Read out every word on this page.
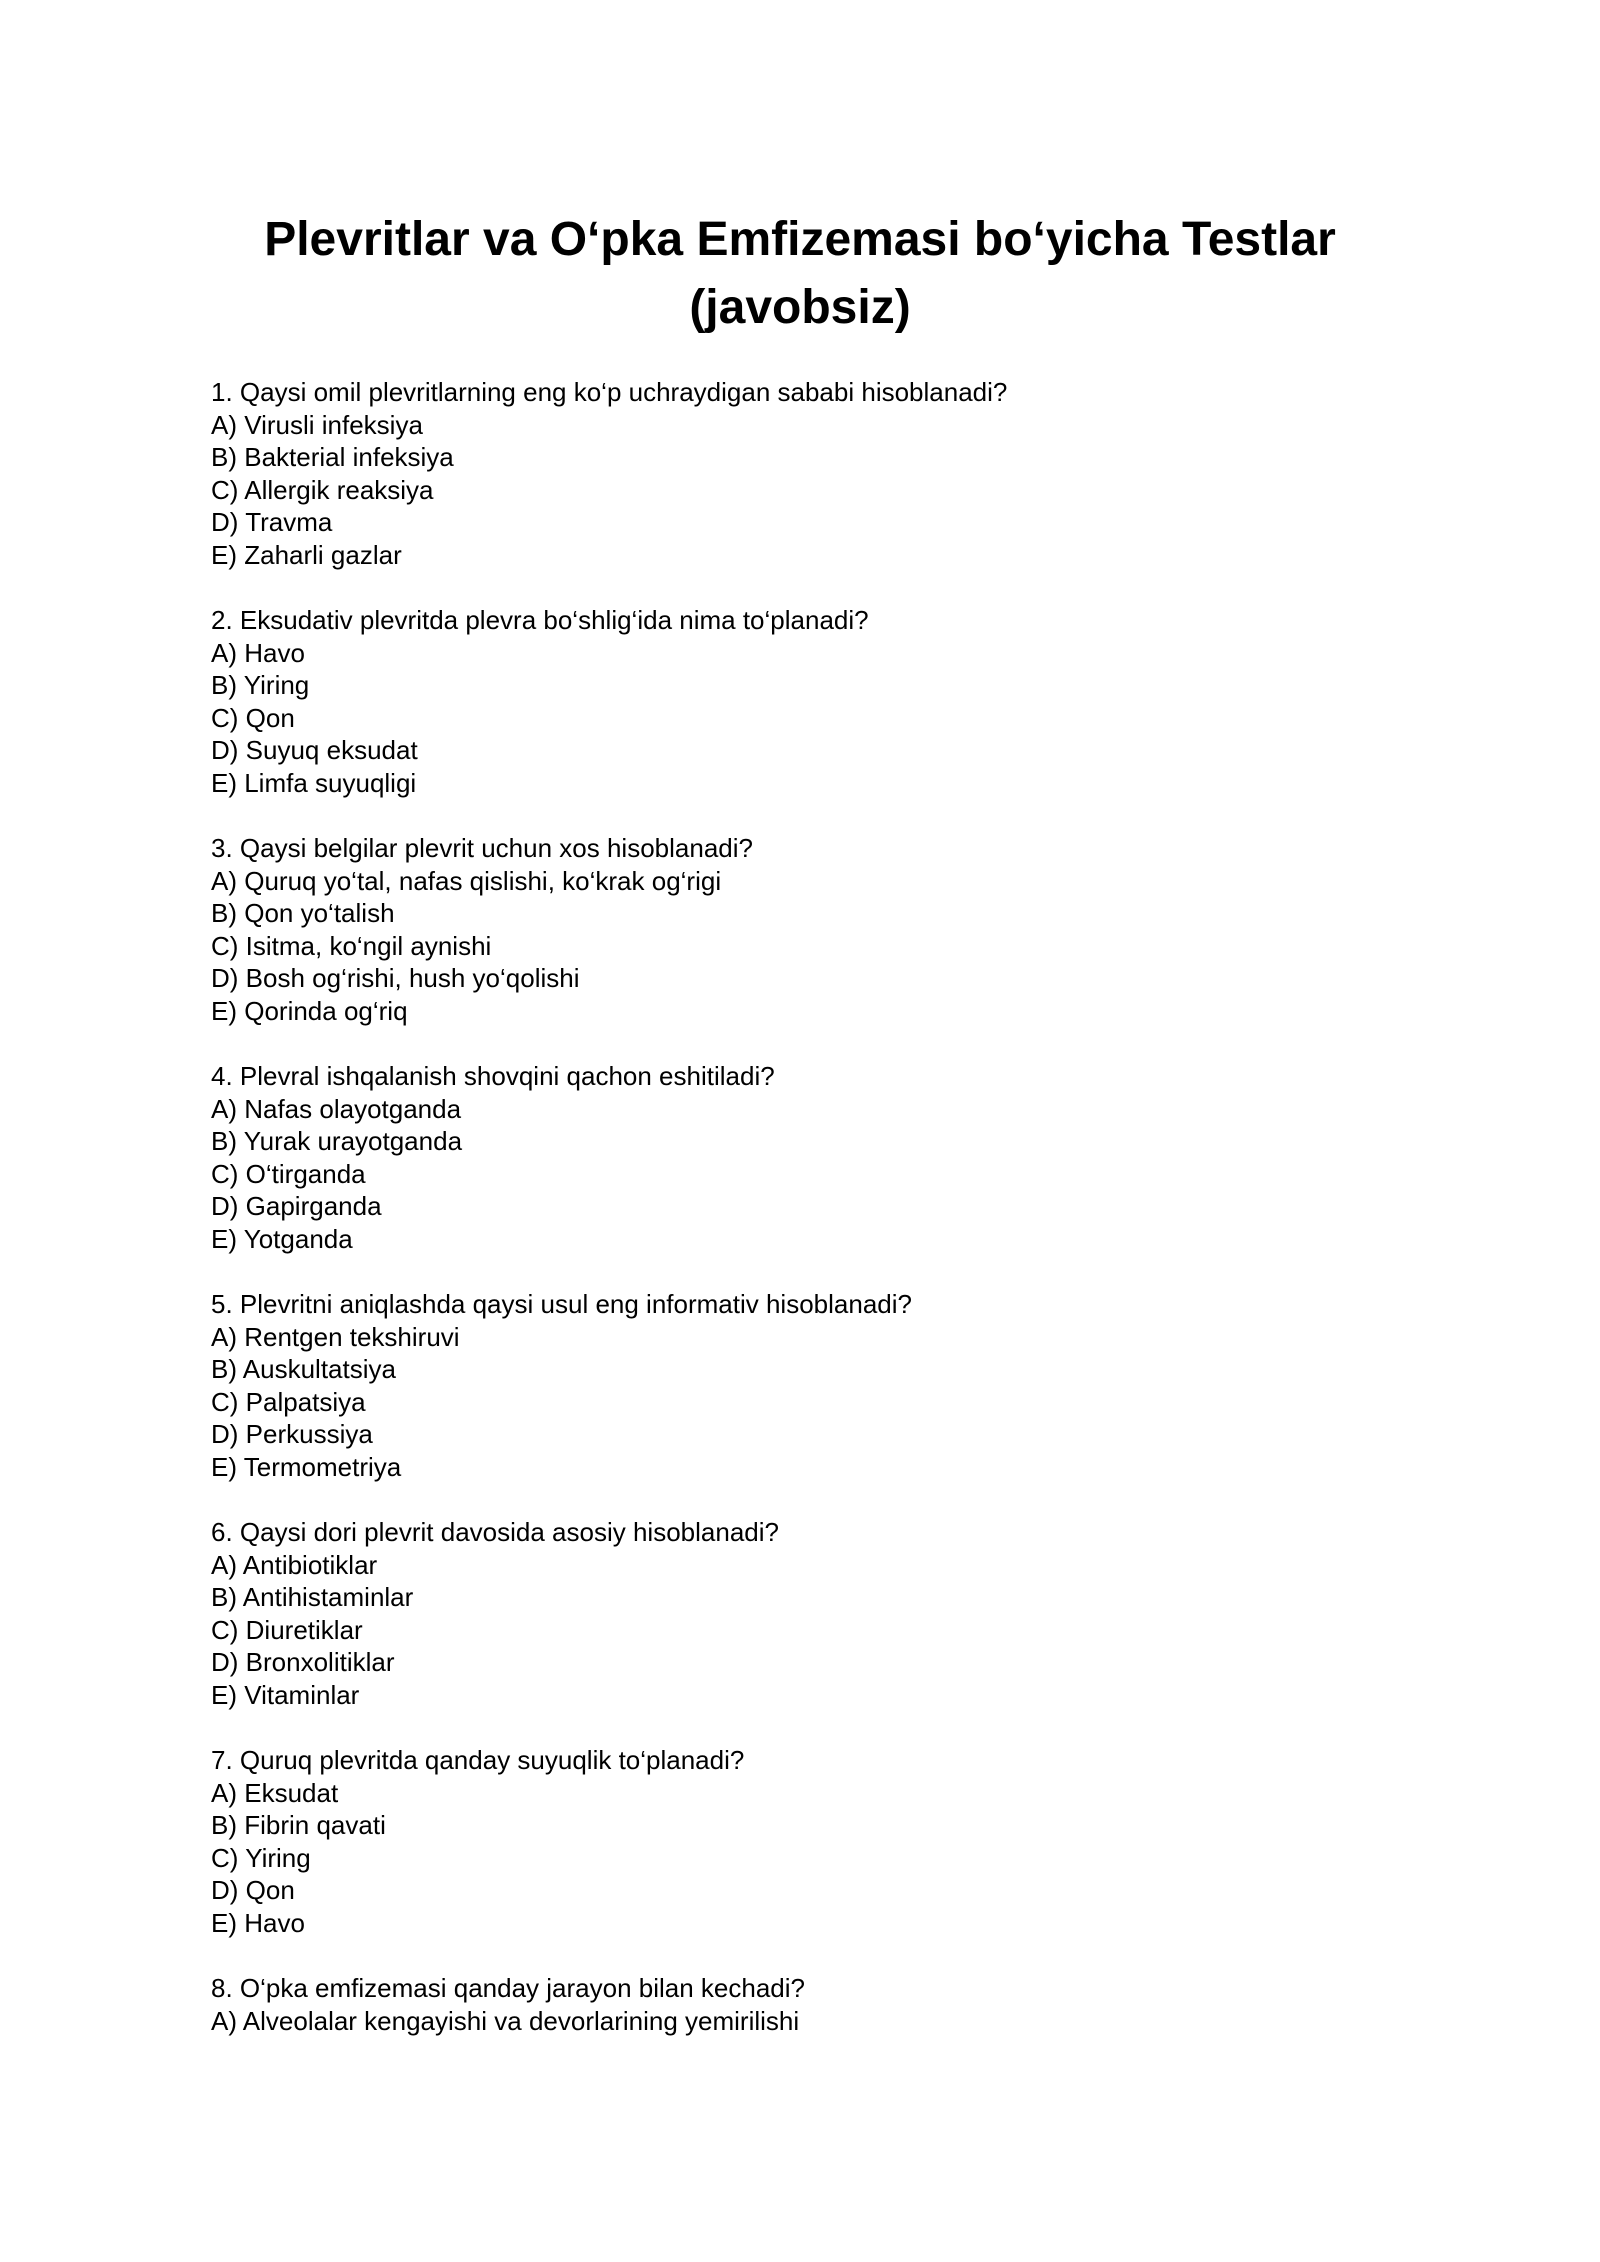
Plevritlar va O‘pka Emfizemasi bo‘yicha Testlar
(javobsiz)
1. Qaysi omil plevritlarning eng ko‘p uchraydigan sababi hisoblanadi?
A) Virusli infeksiya
B) Bakterial infeksiya
C) Allergik reaksiya
D) Travma
E) Zaharli gazlar
2. Eksudativ plevritda plevra bo‘shlig‘ida nima to‘planadi?
A) Havo
B) Yiring
C) Qon
D) Suyuq eksudat
E) Limfa suyuqligi
3. Qaysi belgilar plevrit uchun xos hisoblanadi?
A) Quruq yo‘tal, nafas qislishi, ko‘krak og‘rigi
B) Qon yo‘talish
C) Isitma, ko‘ngil aynishi
D) Bosh og‘rishi, hush yo‘qolishi
E) Qorinda og‘riq
4. Plevral ishqalanish shovqini qachon eshitiladi?
A) Nafas olayotganda
B) Yurak urayotganda
C) O‘tirganda
D) Gapirganda
E) Yotganda
5. Plevritni aniqlashda qaysi usul eng informativ hisoblanadi?
A) Rentgen tekshiruvi
B) Auskultatsiya
C) Palpatsiya
D) Perkussiya
E) Termometriya
6. Qaysi dori plevrit davosida asosiy hisoblanadi?
A) Antibiotiklar
B) Antihistaminlar
C) Diuretiklar
D) Bronxolitiklar
E) Vitaminlar
7. Quruq plevritda qanday suyuqlik to‘planadi?
A) Eksudat
B) Fibrin qavati
C) Yiring
D) Qon
E) Havo
8. O‘pka emfizemasi qanday jarayon bilan kechadi?
A) Alveolalar kengayishi va devorlarining yemirilishi
